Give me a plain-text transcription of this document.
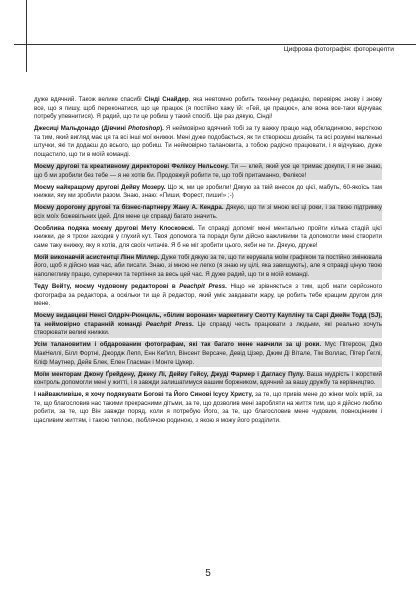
Цифрова фотографія: фоторецепти

дуже вдячний. Також велике спасибі Сінді Снайдер, яка невтомно робить технічну редакцію, перевіряє знову і знову все, що я пишу, щоб переконатися, що це працює (я постійно кажу їй: «Гей, це працює», але вона все-таки відчуває потребу упевнитися). Я радий, що ти це робиш у такий спосіб. Ще раз дякую, Сінді!

Джесиці Мальдонадо (Дівчині Photoshop). Я неймовірно вдячний тобі за ту важку працю над обкладинкою, версткою та тим, який вигляд має ця та всі інші мої книжки. Мені дуже подобається, як ти створюєш дизайн, та всі розумні маленькі штучки, які ти додаєш до всього, що робиш. Ти неймовірно талановита, з тобою радісно працювати, і я відчуваю, дуже пощастило, що ти в моїй команді.

Моєму другові та креативному директорові Феліксу Нельсону. Ти — клей, який усе це тримає докупи, і я не знаю, що б ми зробили без тебе — я не хотів би. Продовжуй робити те, що тобі притаманно, Феліксе!

Моєму найкращому другові Дейву Мозеру. Що ж, ми це зробили! Дякую за твій внесок до цієї, мабуть, 60-якоїсь там книжки, яку ми зробили разом. Знаю, знаю: «Пиши, Форест, пиши!» ;-)

Моєму дорогому другові та бізнес-партнеру Жану А. Кендра. Дякую, що ти зі мною всі ці роки, і за твою підтримку всіх моїх божевільних ідей. Для мене це справді багато значить.

Особлива подяка моєму другові Мету Клосковскі. Ти справді допоміг мені ментально пройти кілька стадій цієї книжки, де я трохи заходив у глухий кут. Твоя допомога та поради були дійсно важливими та допомогли мені створити саме таку книжку, яку я хотів, для своїх читачів. Я б не міг зробити цього, якби не ти. Дякую, друже!

Моїй виконавчій асистентці Лінн Міллер. Дуже тобі дякую за те, що ти керувала моїм графіком та постійно змінювала його, щоб я дійсно мав час, аби писати. Знаю, зі мною не легко (я знаю ну цілі, яка завищують), але я справді ціную твою наполегливу працю, суперечки та терпіння за весь цей час. Я дуже радий, що ти в моїй команді.

Теду Вейту, моєму чудовому редакторові в Peachpit Press. Ніщо не зрівняється з тим, щоб мати серйозного фотографа за редактора, а оскільки ти ще й редактор, який уміє завдавати жару, це робить тебе кращим другом для мене.

Моєму видавцеві Ненсі Олдріч-Рюнцель, «білим воронам» маркетингу Скотту Каупліну та Сарі Джейн Тодд (SJ), та неймовірно старанній команді Peachpit Press. Це справді честь працювати з людьми, які реально хочуть створювати великі книжки.

Усім талановитим і обдарованим фотографам, які так багато мене навчили за ці роки. Мус Пітерсон, Джо МакНеллі, Білл Фортні, Джордж Лепп, Енн Кеґілл, Вінсент Версаче, Девід Цізер, Джим Ді Вітале, Тім Воллас, Пітер Ґеглі, Кліф Маутнер, Дейв Блек, Елен Гласман і Монте Цукер.

Моїм менторам Джону Ґрейдену, Джеку Лі, Дейву Гейсу, Джуді Фармер і Дагласу Пулу. Ваша мудрість і жорсткий контроль допомогли мені у житті, і я завжди залишатимуся вашим боржником, вдячний за вашу дружбу та керівництво.

І найважливіше, я хочу подякувати Богові та Його Синові Ісусу Христу, за те, що привів мене до жінки моїх мрій, за те, що благословив нас такими прекрасними дітьми, за те, що дозволив мені заробляти на життя тим, що я дійсно люблю робити, за те, що Він завжди поряд, коли я потребую Його, за те, що благословив мене чудовим, повноцінним і щасливим життям, і такою теплою, люблячою родиною, з якою я можу його розділити.

5
